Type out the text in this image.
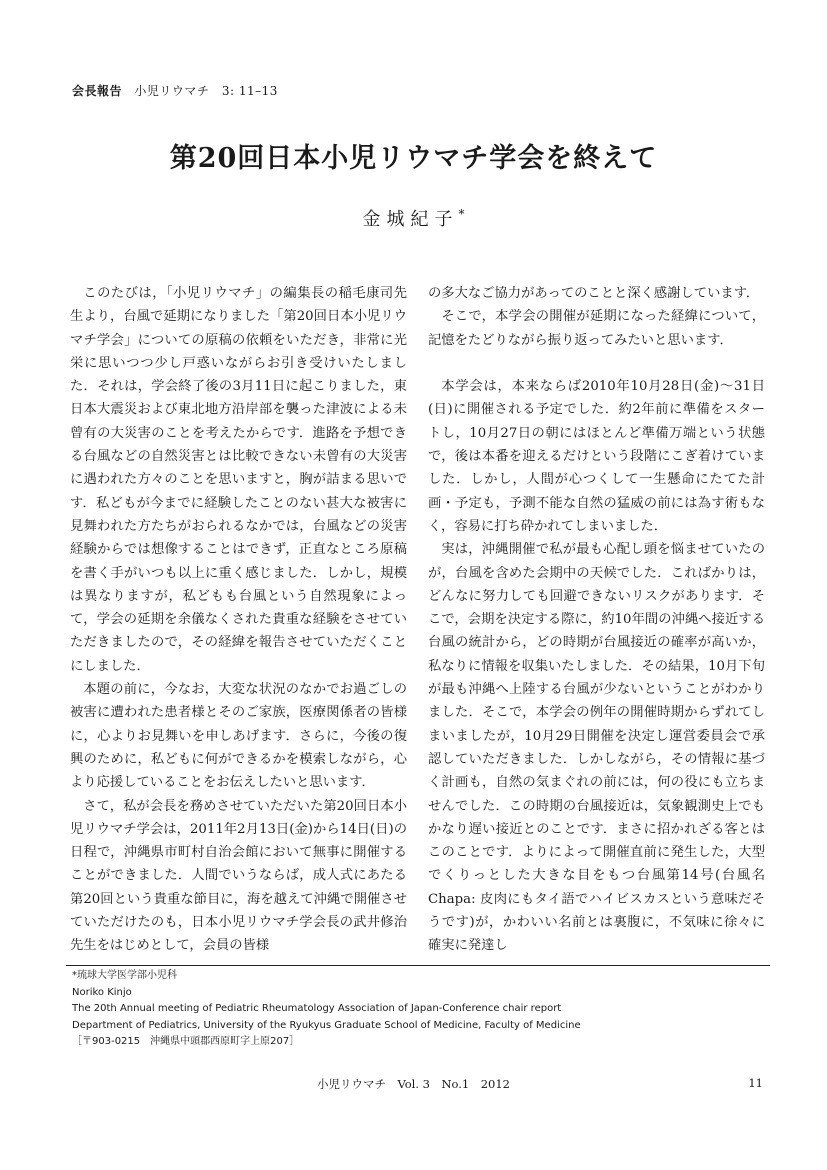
会長報告 小児リウマチ　3: 11–13
第20回日本小児リウマチ学会を終えて
金城紀子*

このたびは，「小児リウマチ」の編集長の稲毛康司先生より，台風で延期になりました「第20回日本小児リウマチ学会」についての原稿の依頼をいただき，非常に光栄に思いつつ少し戸惑いながらお引き受けいたしました．それは，学会終了後の3月11日に起こりました，東日本大震災および東北地方沿岸部を襲った津波による未曾有の大災害のことを考えたからです．進路を予想できる台風などの自然災害とは比較できない未曾有の大災害に遇われた方々のことを思いますと，胸が詰まる思いです．私どもが今までに経験したことのない甚大な被害に見舞われた方たちがおられるなかでは，台風などの災害経験からでは想像することはできず，正直なところ原稿を書く手がいつも以上に重く感じました．しかし，規模は異なりますが，私どもも台風という自然現象によって，学会の延期を余儀なくされた貴重な経験をさせていただきましたので，その経緯を報告させていただくことにしました．

本題の前に，今なお，大変な状況のなかでお過ごしの被害に遭われた患者様とそのご家族，医療関係者の皆様に，心よりお見舞いを申しあげます．さらに，今後の復興のために，私どもに何ができるかを模索しながら，心より応援していることをお伝えしたいと思います．

さて，私が会長を務めさせていただいた第20回日本小児リウマチ学会は，2011年2月13日(金)から14日(日)の日程で，沖縄県市町村自治会館において無事に開催することができました．人間でいうならば，成人式にあたる第20回という貴重な節目に，海を越えて沖縄で開催させていただけたのも，日本小児リウマチ学会長の武井修治先生をはじめとして，会員の皆様

の多大なご協力があってのことと深く感謝しています．

そこで，本学会の開催が延期になった経緯について，記憶をたどりながら振り返ってみたいと思います．

本学会は，本来ならば2010年10月28日(金)～31日(日)に開催される予定でした．約2年前に準備をスタートし，10月27日の朝にはほとんど準備万端という状態で，後は本番を迎えるだけという段階にこぎ着けていました．しかし，人間が心つくして一生懸命にたてた計画・予定も，予測不能な自然の猛威の前には為す術もなく，容易に打ち砕かれてしまいました．

実は，沖縄開催で私が最も心配し頭を悩ませていたのが，台風を含めた会期中の天候でした．こればかりは，どんなに努力しても回避できないリスクがあります．そこで，会期を決定する際に，約10年間の沖縄へ接近する台風の統計から，どの時期が台風接近の確率が高いか，私なりに情報を収集いたしました．その結果，10月下旬が最も沖縄へ上陸する台風が少ないということがわかりました．そこで，本学会の例年の開催時期からずれてしまいましたが，10月29日開催を決定し運営委員会で承認していただきました．しかしながら，その情報に基づく計画も，自然の気まぐれの前には，何の役にも立ちませんでした．この時期の台風接近は，気象観測史上でもかなり遅い接近とのことです．まさに招かれざる客とはこのことです．よりによって開催直前に発生した，大型でくりっとした大きな目をもつ台風第14号(台風名Chapa: 皮肉にもタイ語でハイビスカスという意味だそうです)が，かわいい名前とは裏腹に，不気味に徐々に確実に発達し

*琉球大学医学部小児科
Noriko Kinjo
The 20th Annual meeting of Pediatric Rheumatology Association of Japan-Conference chair report
Department of Pediatrics, University of the Ryukyus Graduate School of Medicine, Faculty of Medicine
［〒903-0215　沖縄県中頭郡西原町字上原207］
小児リウマチ　Vol. 3　No.1　2012	11
